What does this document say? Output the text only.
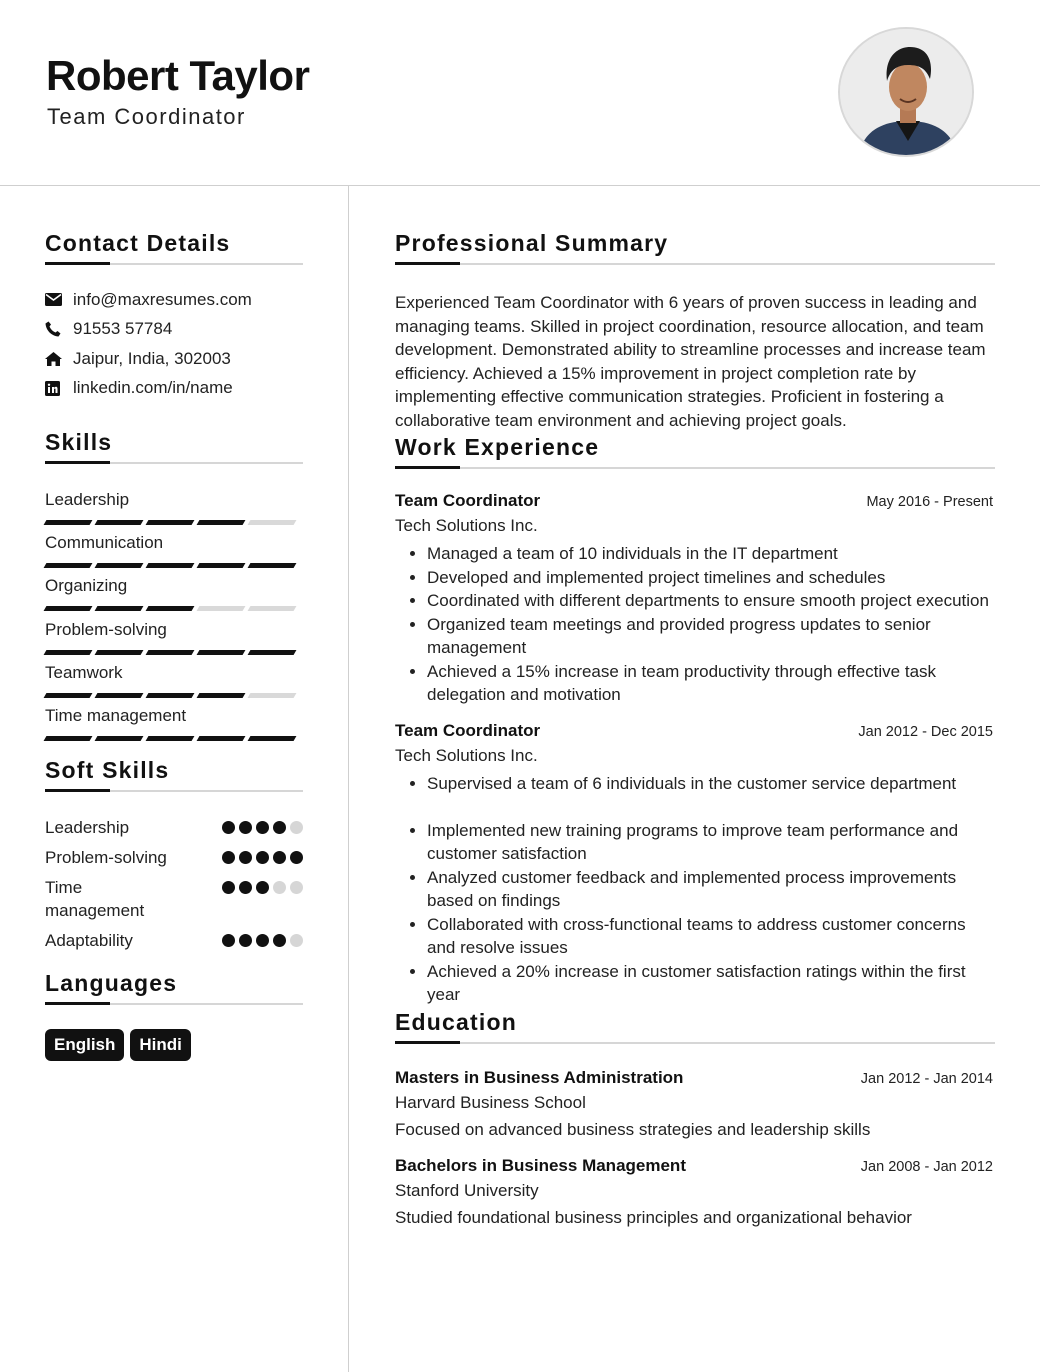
Robert Taylor
Team Coordinator
Contact Details
info@maxresumes.com
91553 57784
Jaipur, India, 302003
linkedin.com/in/name
Skills
Leadership
Communication
Organizing
Problem-solving
Teamwork
Time management
Soft Skills
Leadership
Problem-solving
Time management
Adaptability
Languages
English	Hindi
Professional Summary

Experienced Team Coordinator with 6 years of proven success in leading and managing teams. Skilled in project coordination, resource allocation, and team development. Demonstrated ability to streamline processes and increase team efficiency. Achieved a 15% improvement in project completion rate by implementing effective communication strategies. Proficient in fostering a collaborative team environment and achieving project goals.

Work Experience
Team Coordinator	May 2016 - Present
Tech Solutions Inc.
• Managed a team of 10 individuals in the IT department
• Developed and implemented project timelines and schedules
• Coordinated with different departments to ensure smooth project execution
• Organized team meetings and provided progress updates to senior management
• Achieved a 15% increase in team productivity through effective task delegation and motivation
Team Coordinator	Jan 2012 - Dec 2015
Tech Solutions Inc.
• Supervised a team of 6 individuals in the customer service department
• Implemented new training programs to improve team performance and customer satisfaction
• Analyzed customer feedback and implemented process improvements based on findings
• Collaborated with cross-functional teams to address customer concerns and resolve issues
• Achieved a 20% increase in customer satisfaction ratings within the first year
Education
Masters in Business Administration	Jan 2012 - Jan 2014
Harvard Business School
Focused on advanced business strategies and leadership skills
Bachelors in Business Management	Jan 2008 - Jan 2012
Stanford University
Studied foundational business principles and organizational behavior
